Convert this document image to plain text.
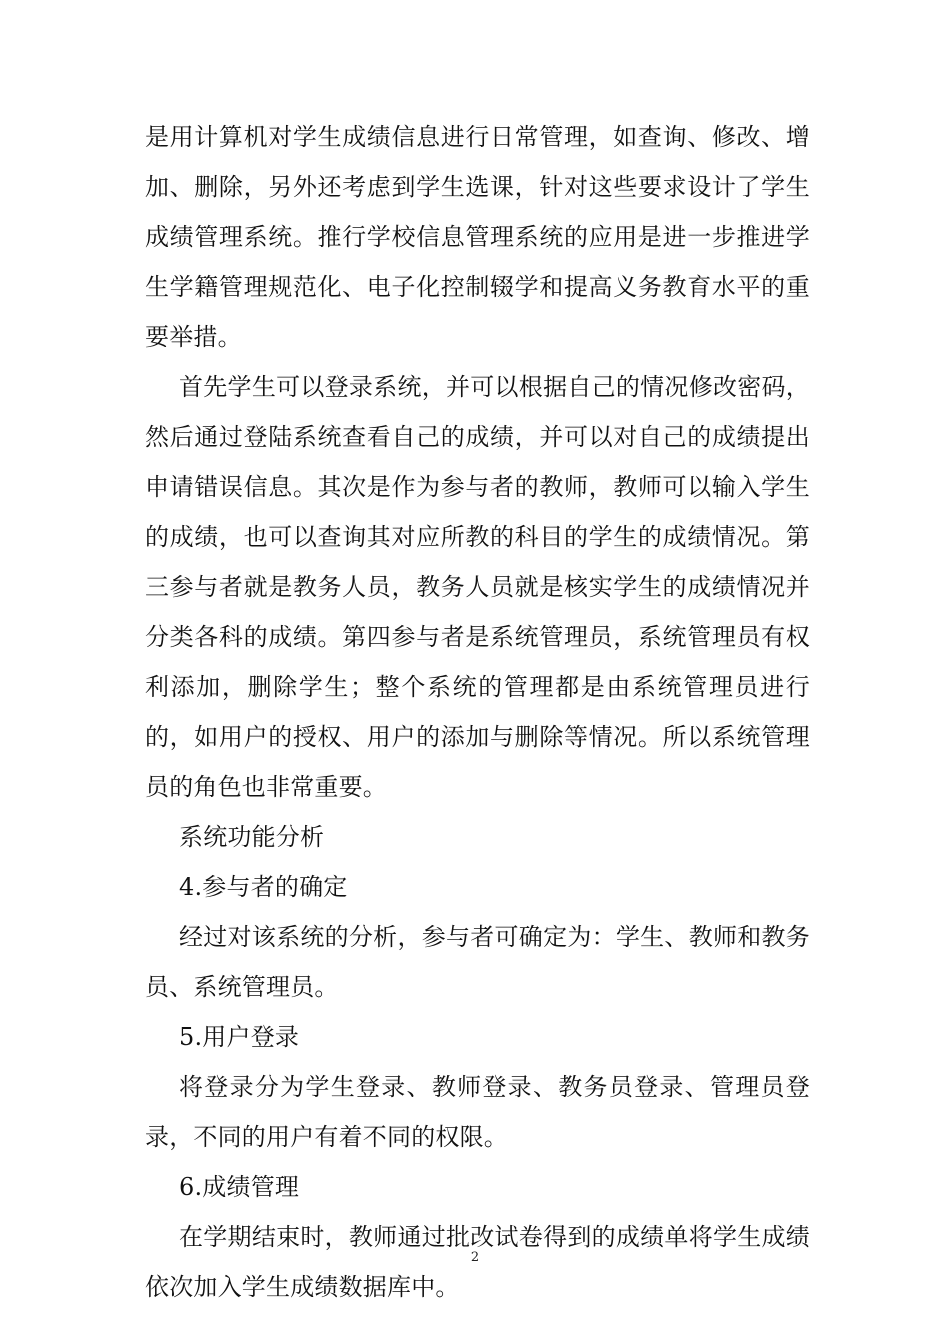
是用计算机对学生成绩信息进行日常管理，如查询、修改、增加、删除，另外还考虑到学生选课，针对这些要求设计了学生成绩管理系统。推行学校信息管理系统的应用是进一步推进学生学籍管理规范化、电子化控制辍学和提高义务教育水平的重要举措。

首先学生可以登录系统，并可以根据自己的情况修改密码，然后通过登陆系统查看自己的成绩，并可以对自己的成绩提出申请错误信息。其次是作为参与者的教师，教师可以输入学生的成绩，也可以查询其对应所教的科目的学生的成绩情况。第三参与者就是教务人员，教务人员就是核实学生的成绩情况并分类各科的成绩。第四参与者是系统管理员，系统管理员有权利添加，删除学生；整个系统的管理都是由系统管理员进行的，如用户的授权、用户的添加与删除等情况。所以系统管理员的角色也非常重要。

系统功能分析

4.参与者的确定

经过对该系统的分析，参与者可确定为：学生、教师和教务员、系统管理员。

5.用户登录

将登录分为学生登录、教师登录、教务员登录、管理员登录，不同的用户有着不同的权限。

6.成绩管理

在学期结束时，教师通过批改试卷得到的成绩单将学生成绩依次加入学生成绩数据库中。

2
